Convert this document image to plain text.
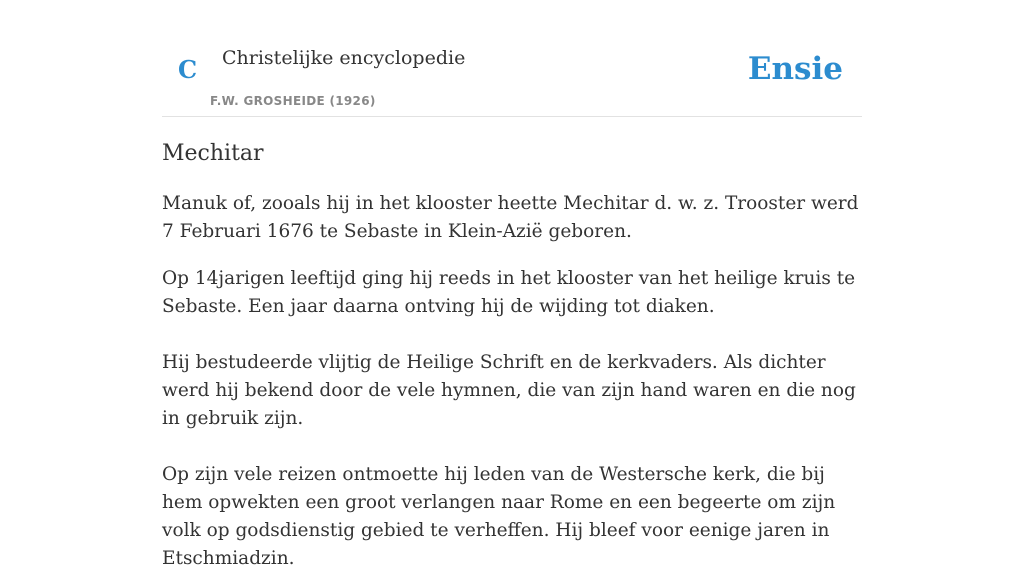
C Christelijke encyclopedie
F.W. GROSHEIDE (1926)
Ensie
Mechitar

Manuk of, zooals hij in het klooster heette Mechitar d. w. z. Trooster werd 7 Februari 1676 te Sebaste in Klein-Azië geboren.

Op 14jarigen leeftijd ging hij reeds in het klooster van het heilige kruis te Sebaste. Een jaar daarna ontving hij de wijding tot diaken.

Hij bestudeerde vlijtig de Heilige Schrift en de kerkvaders. Als dichter werd hij bekend door de vele hymnen, die van zijn hand waren en die nog in gebruik zijn.

Op zijn vele reizen ontmoette hij leden van de Westersche kerk, die bij hem opwekten een groot verlangen naar Rome en een begeerte om zijn volk op godsdienstig gebied te verheffen. Hij bleef voor eenige jaren in Etschmiadzin.
